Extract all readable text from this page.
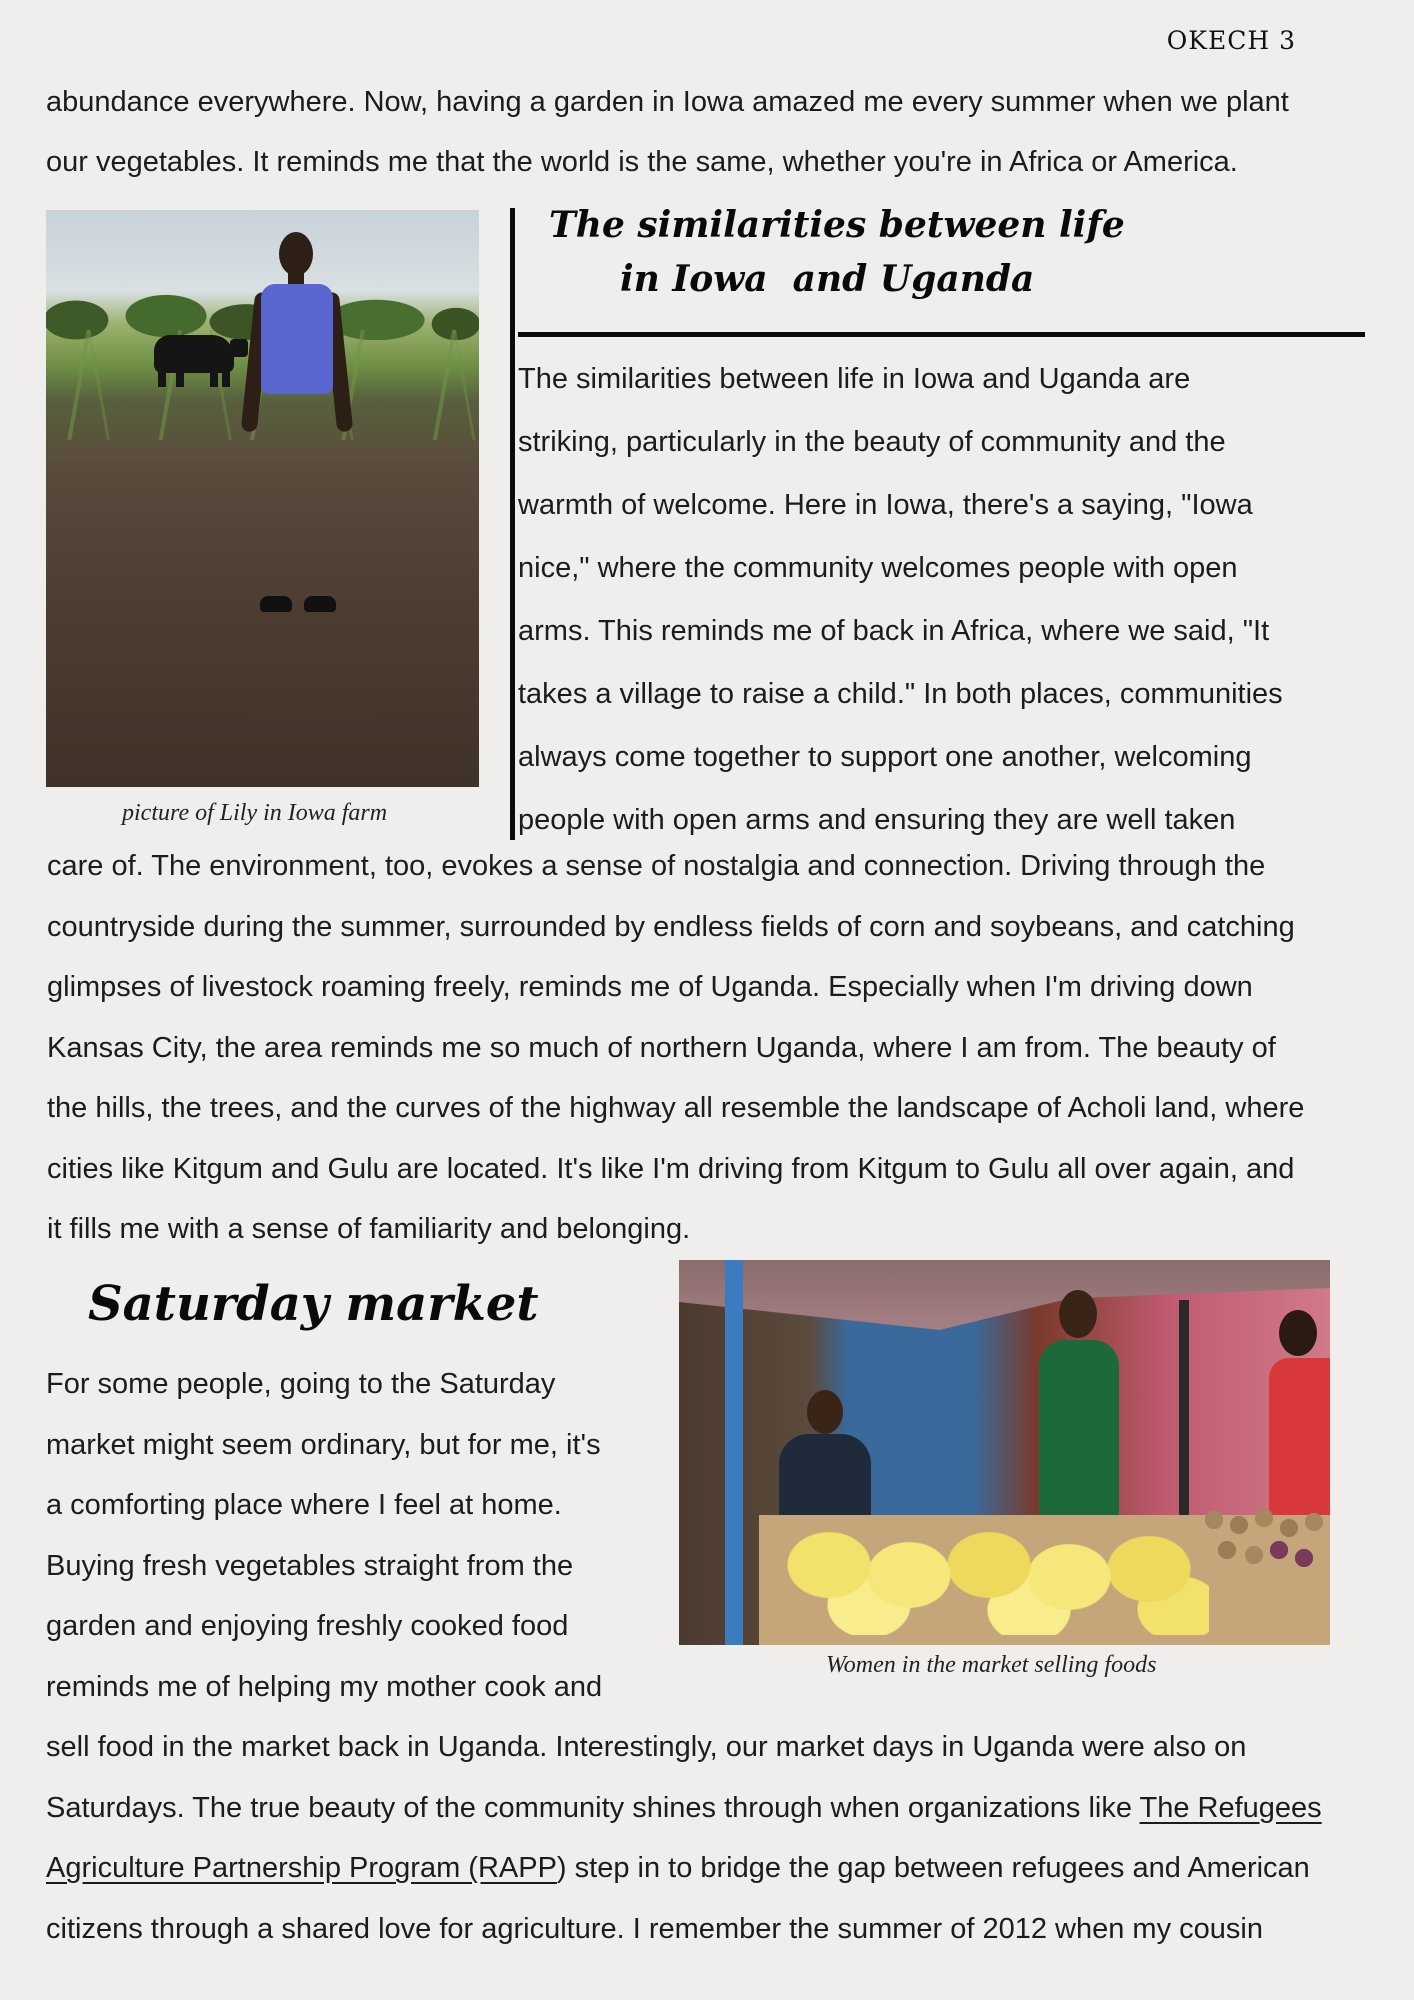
OKECH 3
abundance everywhere. Now, having a garden in Iowa amazed me every summer when we plant
our vegetables. It reminds me that the world is the same, whether you're in Africa or America.
picture of Lily in Iowa farm
The similarities between life
in Iowa  and Uganda
The similarities between life in Iowa and Uganda are
striking, particularly in the beauty of community and the
warmth of welcome. Here in Iowa, there's a saying, "Iowa
nice," where the community welcomes people with open
arms. This reminds me of back in Africa, where we said, "It
takes a village to raise a child." In both places, communities
always come together to support one another, welcoming
people with open arms and ensuring they are well taken
care of. The environment, too, evokes a sense of nostalgia and connection. Driving through the
countryside during the summer, surrounded by endless fields of corn and soybeans, and catching
glimpses of livestock roaming freely, reminds me of Uganda. Especially when I'm driving down
Kansas City, the area reminds me so much of northern Uganda, where I am from. The beauty of
the hills, the trees, and the curves of the highway all resemble the landscape of Acholi land, where
cities like Kitgum and Gulu are located. It's like I'm driving from Kitgum to Gulu all over again, and
it fills me with a sense of familiarity and belonging.
Saturday market
For some people, going to the Saturday
market might seem ordinary, but for me, it's
a comforting place where I feel at home.
Buying fresh vegetables straight from the
garden and enjoying freshly cooked food
reminds me of helping my mother cook and
Women in the market selling foods
sell food in the market back in Uganda. Interestingly, our market days in Uganda were also on
Saturdays. The true beauty of the community shines through when organizations like The Refugees
Agriculture Partnership Program (RAPP) step in to bridge the gap between refugees and American
citizens through a shared love for agriculture. I remember the summer of 2012 when my cousin
